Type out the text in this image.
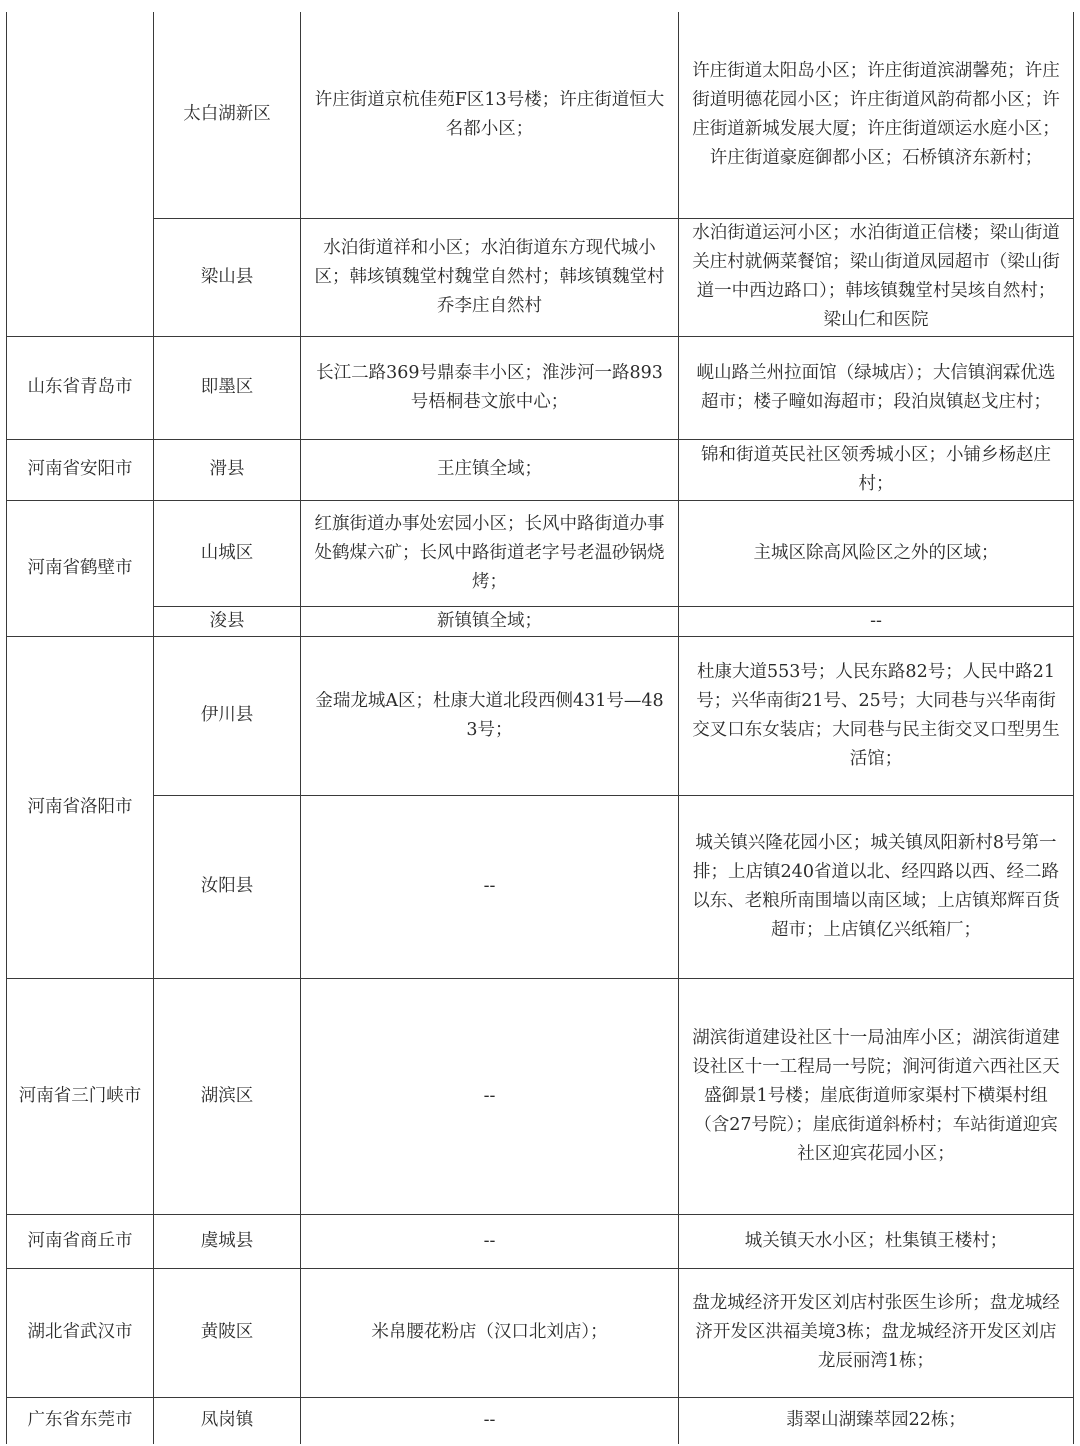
	太白湖新区	许庄街道京杭佳苑F区13号楼；许庄街道恒大名都小区；	许庄街道太阳岛小区；许庄街道滨湖馨苑；许庄街道明德花园小区；许庄街道风韵荷都小区；许庄街道新城发展大厦；许庄街道颂运水庭小区；许庄街道豪庭御都小区；石桥镇济东新村；
	梁山县	水泊街道祥和小区；水泊街道东方现代城小区；韩垓镇魏堂村魏堂自然村；韩垓镇魏堂村乔李庄自然村	水泊街道运河小区；水泊街道正信楼；梁山街道关庄村就俩菜餐馆；梁山街道凤园超市（梁山街道一中西边路口）；韩垓镇魏堂村吴垓自然村；梁山仁和医院
山东省青岛市	即墨区	长江二路369号鼎泰丰小区；淮涉河一路893号梧桐巷文旅中心；	岘山路兰州拉面馆（绿城店）；大信镇润霖优选超市；楼子疃如海超市；段泊岚镇赵戈庄村；
河南省安阳市	滑县	王庄镇全域；	锦和街道英民社区领秀城小区；小铺乡杨赵庄村；
河南省鹤壁市	山城区	红旗街道办事处宏园小区；长风中路街道办事处鹤煤六矿；长风中路街道老字号老温砂锅烧烤；	主城区除高风险区之外的区域；
	浚县	新镇镇全域；	--
河南省洛阳市	伊川县	金瑞龙城A区；杜康大道北段西侧431号—483号；	杜康大道553号；人民东路82号；人民中路21号；兴华南街21号、25号；大同巷与兴华南街交叉口东女装店；大同巷与民主街交叉口型男生活馆；
	汝阳县	--	城关镇兴隆花园小区；城关镇凤阳新村8号第一排；上店镇240省道以北、经四路以西、经二路以东、老粮所南围墙以南区域；上店镇郑辉百货超市；上店镇亿兴纸箱厂；
河南省三门峡市	湖滨区	--	湖滨街道建设社区十一局油库小区；湖滨街道建设社区十一工程局一号院；涧河街道六西社区天盛御景1号楼；崖底街道师家渠村下横渠村组（含27号院）；崖底街道斜桥村；车站街道迎宾社区迎宾花园小区；
河南省商丘市	虞城县	--	城关镇天水小区；杜集镇王楼村；
湖北省武汉市	黄陂区	米帛腰花粉店（汉口北刘店）；	盘龙城经济开发区刘店村张医生诊所；盘龙城经济开发区洪福美境3栋；盘龙城经济开发区刘店龙辰丽湾1栋；
广东省东莞市	凤岗镇	--	翡翠山湖臻萃园22栋；
